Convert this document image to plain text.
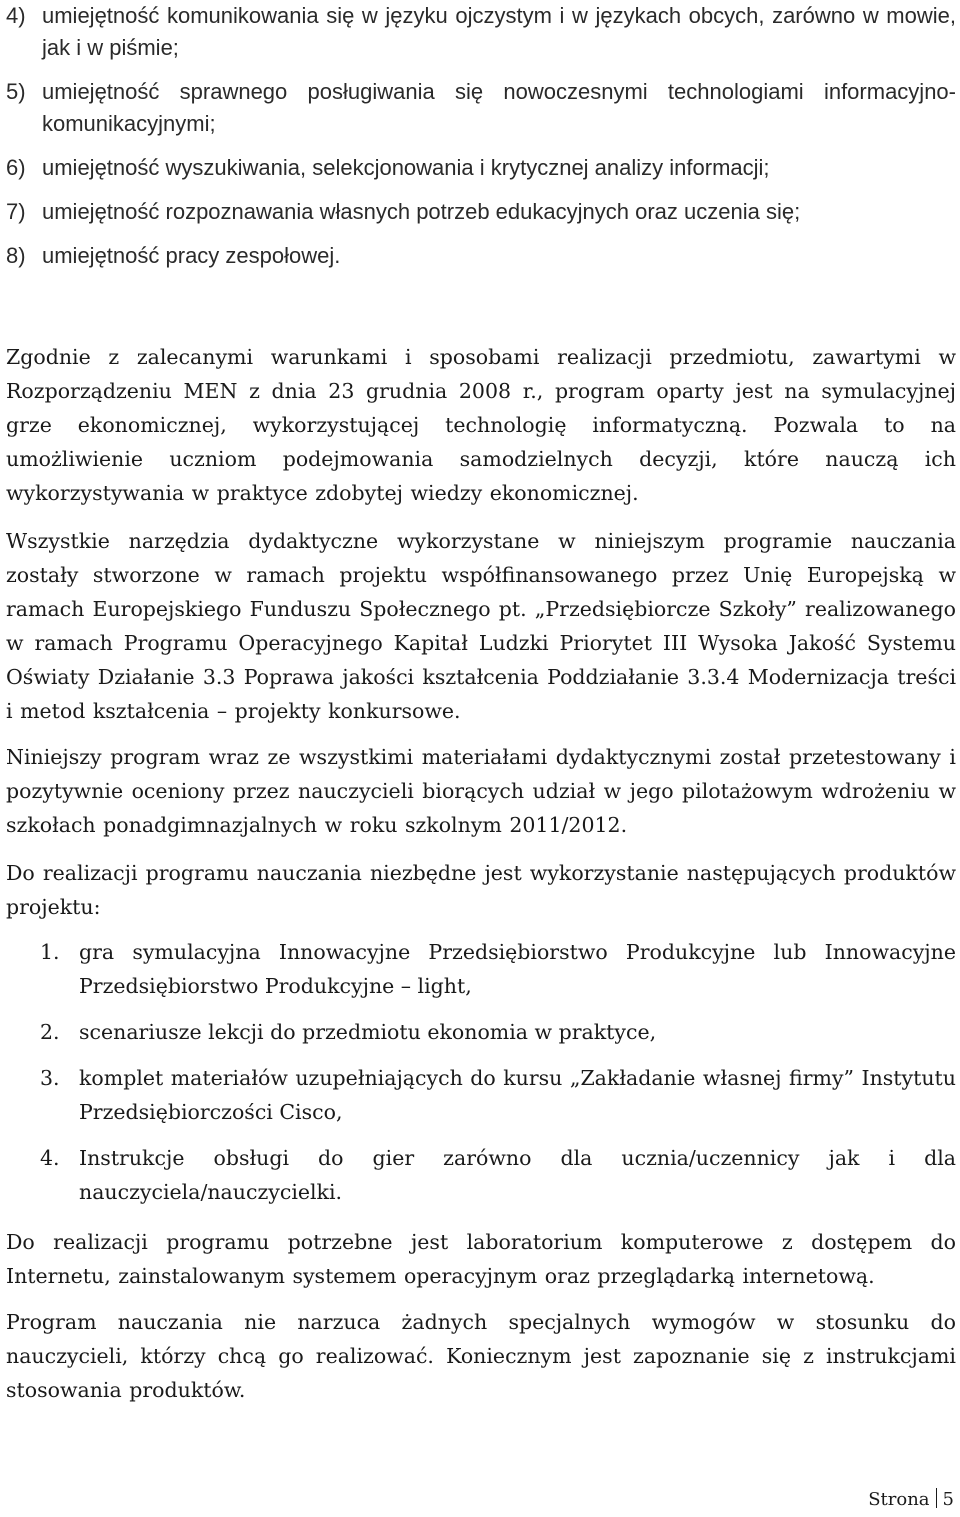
4) umiejętność komunikowania się w języku ojczystym i w językach obcych, zarówno w mowie, jak i w piśmie;
5) umiejętność sprawnego posługiwania się nowoczesnymi technologiami informacyjno-komunikacyjnymi;
6) umiejętność wyszukiwania, selekcjonowania i krytycznej analizy informacji;
7) umiejętność rozpoznawania własnych potrzeb edukacyjnych oraz uczenia się;
8) umiejętność pracy zespołowej.

Zgodnie z zalecanymi warunkami i sposobami realizacji przedmiotu, zawartymi w Rozporządzeniu MEN z dnia 23 grudnia 2008 r., program oparty jest na symulacyjnej grze ekonomicznej, wykorzystującej technologię informatyczną. Pozwala to na umożliwienie uczniom podejmowania samodzielnych decyzji, które nauczą ich wykorzystywania w praktyce zdobytej wiedzy ekonomicznej.

Wszystkie narzędzia dydaktyczne wykorzystane w niniejszym programie nauczania zostały stworzone w ramach projektu współfinansowanego przez Unię Europejską w ramach Europejskiego Funduszu Społecznego pt. „Przedsiębiorcze Szkoły” realizowanego w ramach Programu Operacyjnego Kapitał Ludzki Priorytet III Wysoka Jakość Systemu Oświaty Działanie 3.3 Poprawa jakości kształcenia Poddziałanie 3.3.4 Modernizacja treści i metod kształcenia – projekty konkursowe.

Niniejszy program wraz ze wszystkimi materiałami dydaktycznymi został przetestowany i pozytywnie oceniony przez nauczycieli biorących udział w jego pilotażowym wdrożeniu w szkołach ponadgimnazjalnych w roku szkolnym 2011/2012.

Do realizacji programu nauczania niezbędne jest wykorzystanie następujących produktów projektu:

1. gra symulacyjna Innowacyjne Przedsiębiorstwo Produkcyjne lub Innowacyjne Przedsiębiorstwo Produkcyjne – light,
2. scenariusze lekcji do przedmiotu ekonomia w praktyce,
3. komplet materiałów uzupełniających do kursu „Zakładanie własnej firmy” Instytutu Przedsiębiorczości Cisco,
4. Instrukcje obsługi do gier zarówno dla ucznia/uczennicy jak i dla nauczyciela/nauczycielki.

Do realizacji programu potrzebne jest laboratorium komputerowe z dostępem do Internetu, zainstalowanym systemem operacyjnym oraz przeglądarką internetową.

Program nauczania nie narzuca żadnych specjalnych wymogów w stosunku do nauczycieli, którzy chcą go realizować. Koniecznym jest zapoznanie się z instrukcjami stosowania produktów.

Strona 5
